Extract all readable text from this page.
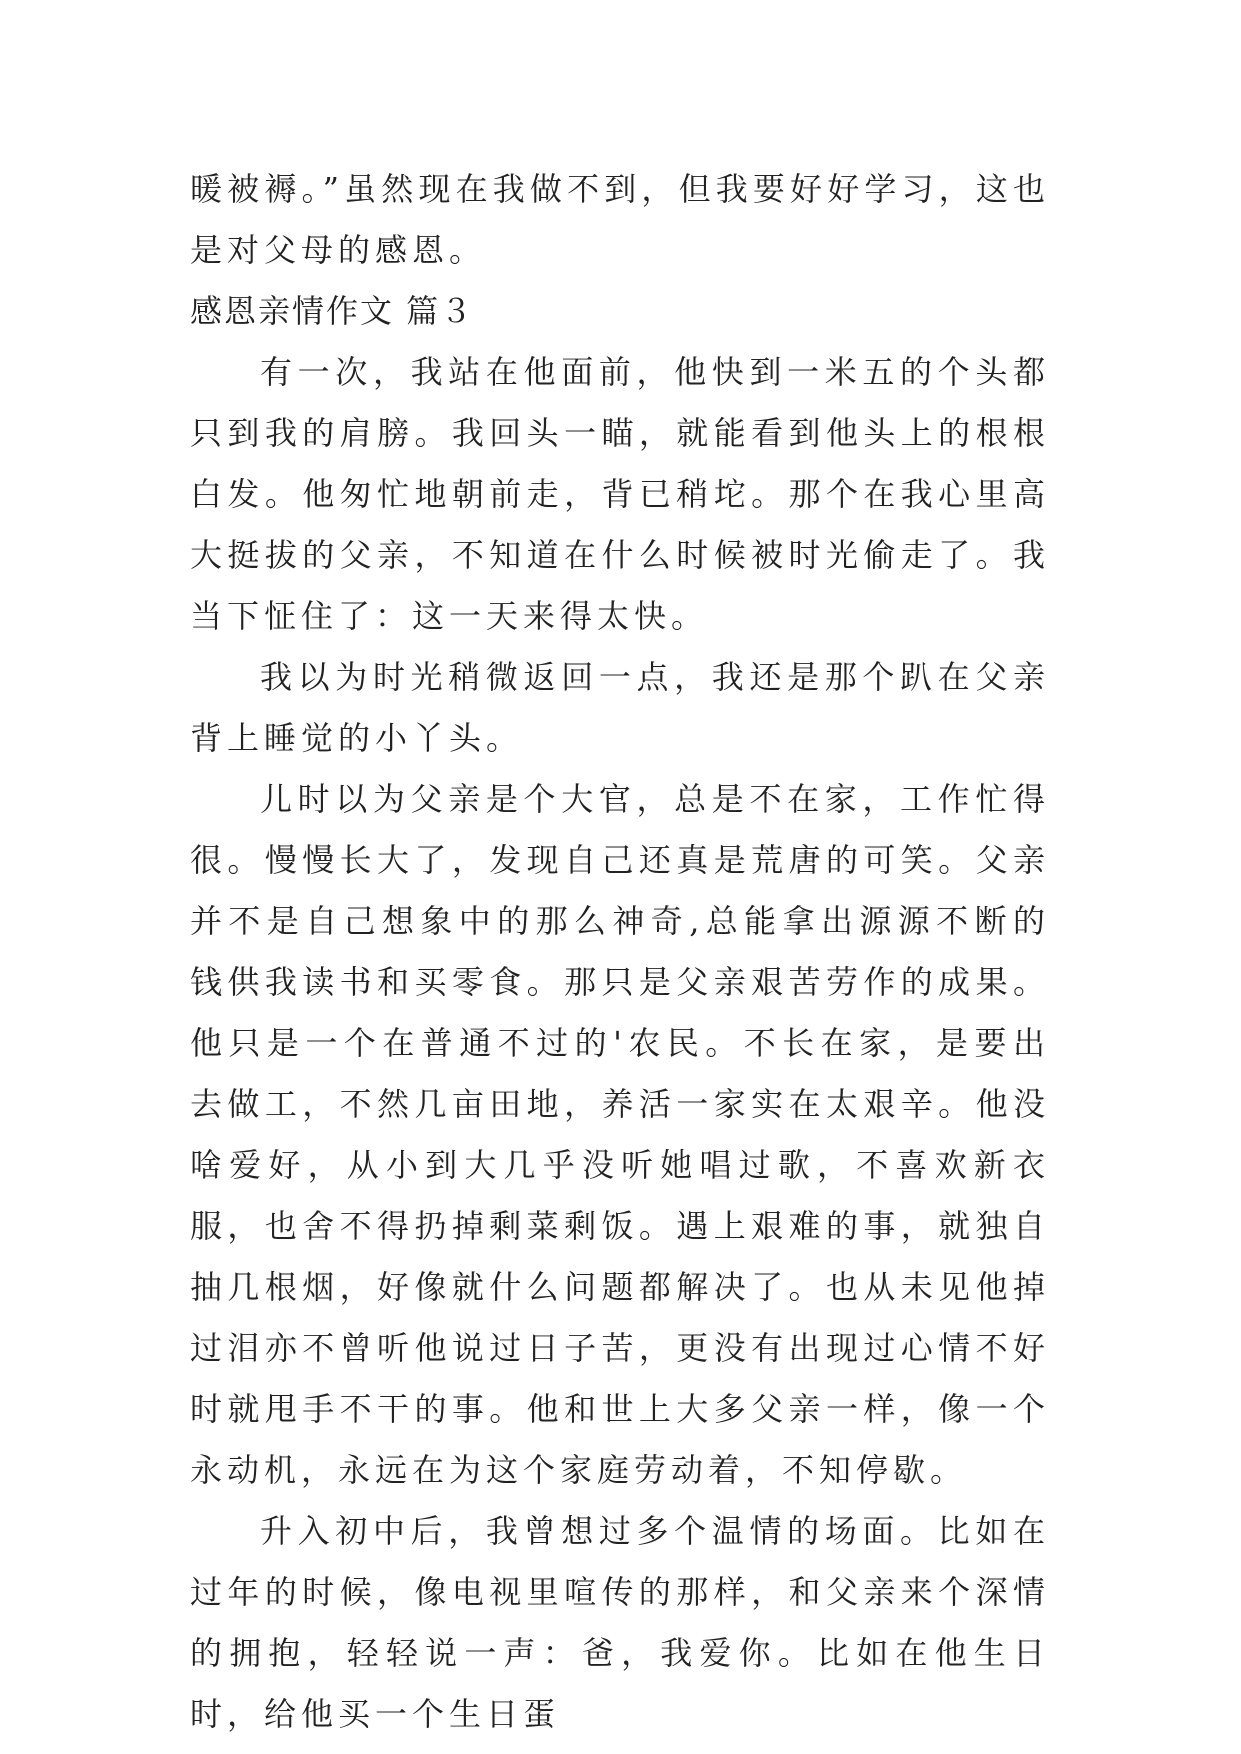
暖被褥。”虽然现在我做不到，但我要好好学习，这也是对父母的感恩。

感恩亲情作文 篇３

有一次，我站在他面前，他快到一米五的个头都只到我的肩膀。我回头一瞄，就能看到他头上的根根白发。他匆忙地朝前走，背已稍坨。那个在我心里高大挺拔的父亲，不知道在什么时候被时光偷走了。我当下怔住了：这一天来得太快。

我以为时光稍微返回一点，我还是那个趴在父亲背上睡觉的小丫头。

儿时以为父亲是个大官，总是不在家，工作忙得很。慢慢长大了，发现自己还真是荒唐的可笑。父亲并不是自己想象中的那么神奇,总能拿出源源不断的钱供我读书和买零食。那只是父亲艰苦劳作的成果。他只是一个在普通不过的'农民。不长在家，是要出去做工，不然几亩田地，养活一家实在太艰辛。他没啥爱好，从小到大几乎没听她唱过歌，不喜欢新衣服，也舍不得扔掉剩菜剩饭。遇上艰难的事，就独自抽几根烟，好像就什么问题都解决了。也从未见他掉过泪亦不曾听他说过日子苦，更没有出现过心情不好时就甩手不干的事。他和世上大多父亲一样，像一个永动机，永远在为这个家庭劳动着，不知停歇。

升入初中后，我曾想过多个温情的场面。比如在过年的时候，像电视里喧传的那样，和父亲来个深情的拥抱，轻轻说一声：爸，我爱你。比如在他生日时，给他买一个生日蛋
